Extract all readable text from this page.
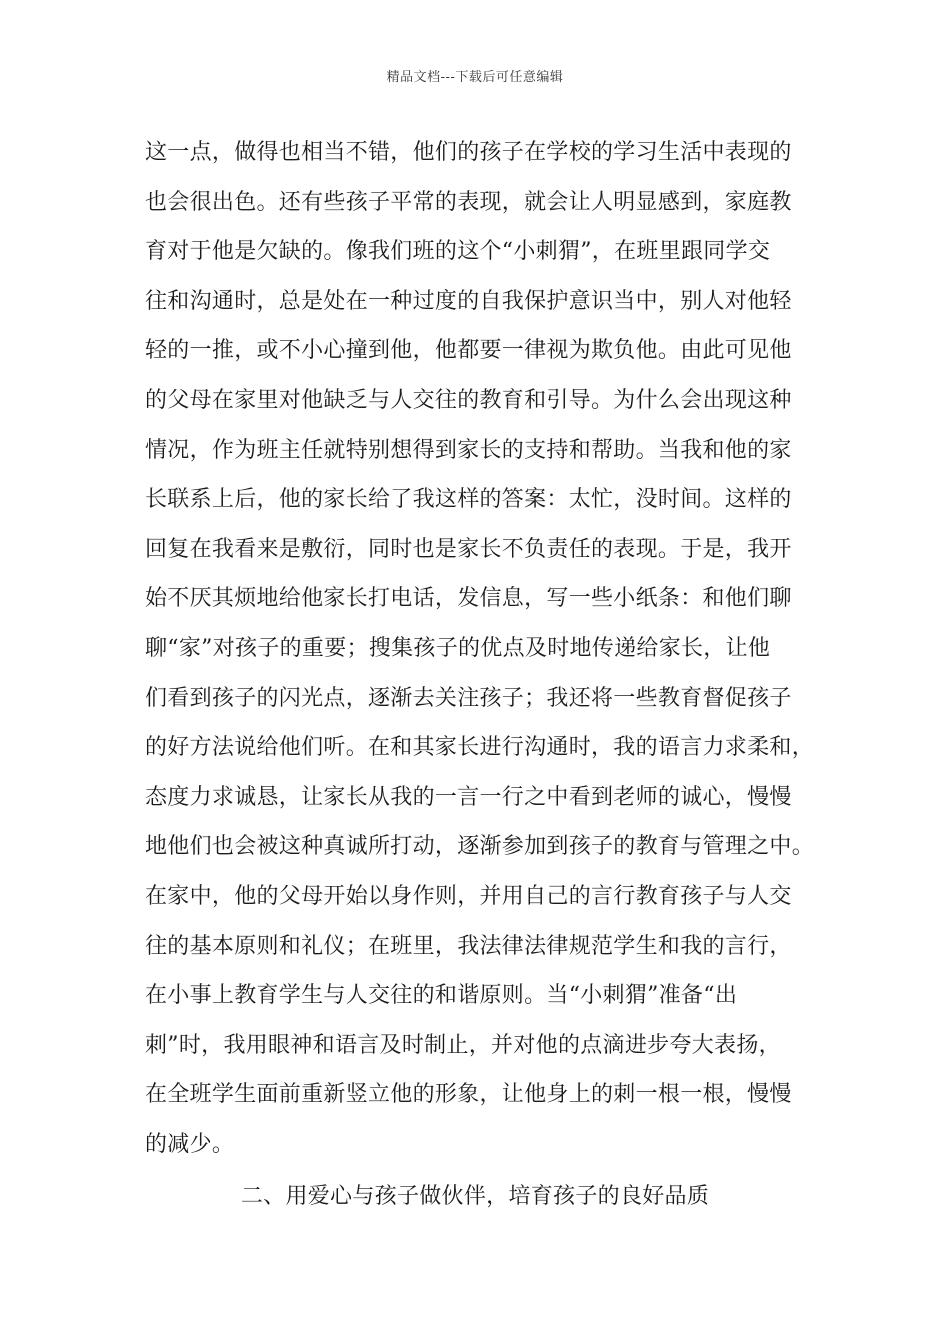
精品文档---下载后可任意编辑
这一点，做得也相当不错，他们的孩子在学校的学习生活中表现的
也会很出色。还有些孩子平常的表现，就会让人明显感到，家庭教
育对于他是欠缺的。像我们班的这个“小刺猬”，在班里跟同学交
往和沟通时，总是处在一种过度的自我保护意识当中，别人对他轻
轻的一推，或不小心撞到他，他都要一律视为欺负他。由此可见他
的父母在家里对他缺乏与人交往的教育和引导。为什么会出现这种
情况，作为班主任就特别想得到家长的支持和帮助。当我和他的家
长联系上后，他的家长给了我这样的答案：太忙，没时间。这样的
回复在我看来是敷衍，同时也是家长不负责任的表现。于是，我开
始不厌其烦地给他家长打电话，发信息，写一些小纸条：和他们聊
聊“家”对孩子的重要；搜集孩子的优点及时地传递给家长，让他
们看到孩子的闪光点，逐渐去关注孩子；我还将一些教育督促孩子
的好方法说给他们听。在和其家长进行沟通时，我的语言力求柔和，
态度力求诚恳，让家长从我的一言一行之中看到老师的诚心，慢慢
地他们也会被这种真诚所打动，逐渐参加到孩子的教育与管理之中。
在家中，他的父母开始以身作则，并用自己的言行教育孩子与人交
往的基本原则和礼仪；在班里，我法律法律规范学生和我的言行，
在小事上教育学生与人交往的和谐原则。当“小刺猬”准备“出
刺”时，我用眼神和语言及时制止，并对他的点滴进步夸大表扬，
在全班学生面前重新竖立他的形象，让他身上的刺一根一根，慢慢
的减少。
二、用爱心与孩子做伙伴，培育孩子的良好品质
